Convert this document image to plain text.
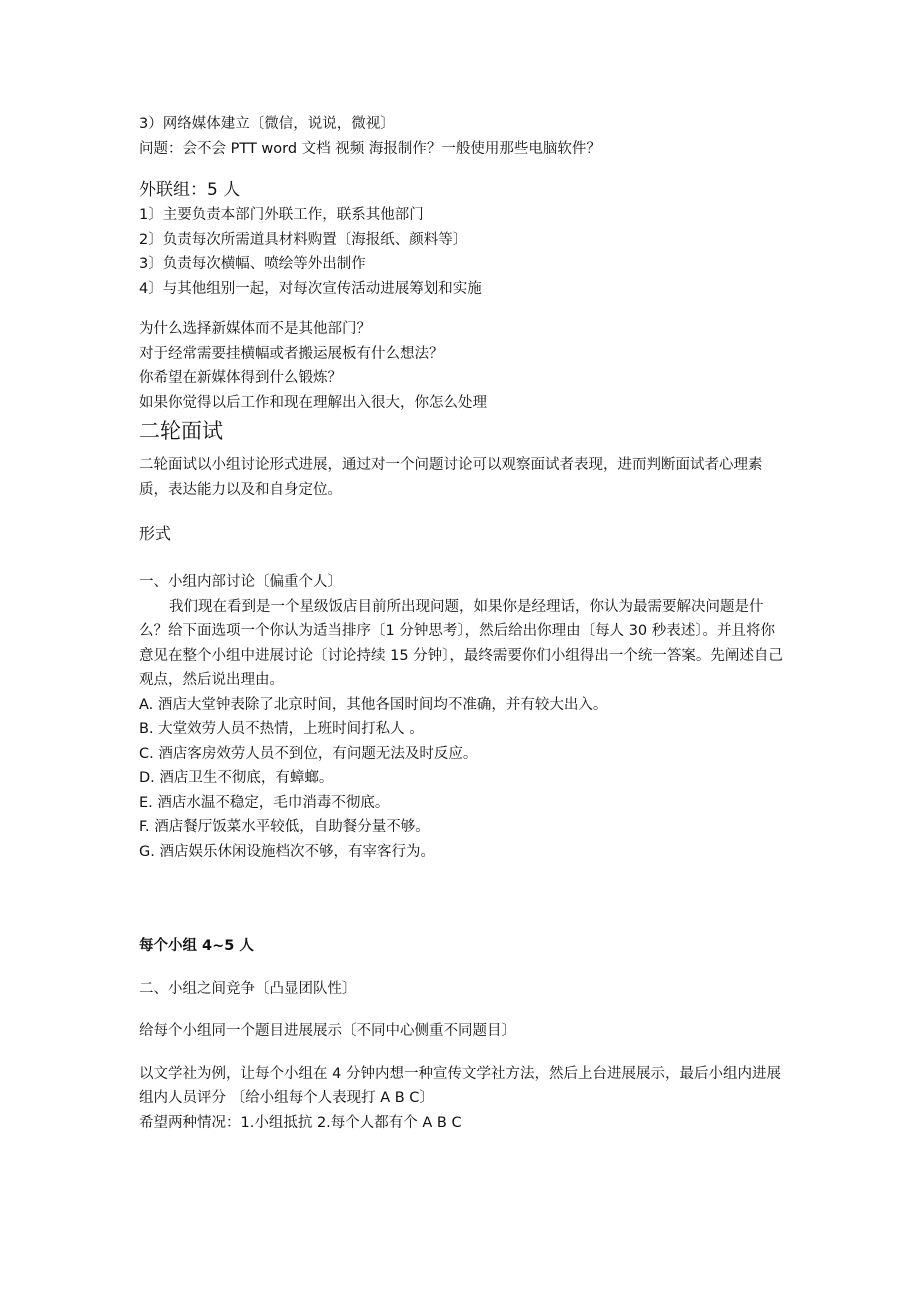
3）网络媒体建立〔微信，说说，微视〕

问题：会不会 PTT word 文档 视频 海报制作？一般使用那些电脑软件？

外联组：5 人

1〕主要负责本部门外联工作，联系其他部门

2〕负责每次所需道具材料购置〔海报纸、颜料等〕

3〕负责每次横幅、喷绘等外出制作

4〕与其他组别一起，对每次宣传活动进展筹划和实施

为什么选择新媒体而不是其他部门？

对于经常需要挂横幅或者搬运展板有什么想法？

你希望在新媒体得到什么锻炼？

如果你觉得以后工作和现在理解出入很大，你怎么处理

二轮面试

二轮面试以小组讨论形式进展，通过对一个问题讨论可以观察面试者表现，进而判断面试者心理素质，表达能力以及和自身定位。

形式

一、小组内部讨论〔偏重个人〕

我们现在看到是一个星级饭店目前所出现问题，如果你是经理话，你认为最需要解决问题是什么？给下面选项一个你认为适当排序〔1 分钟思考〕，然后给出你理由〔每人 30 秒表述〕。并且将你意见在整个小组中进展讨论〔讨论持续 15 分钟〕，最终需要你们小组得出一个统一答案。先阐述自己观点，然后说出理由。

A. 酒店大堂钟表除了北京时间，其他各国时间均不准确，并有较大出入。

B. 大堂效劳人员不热情，上班时间打私人 。

C. 酒店客房效劳人员不到位，有问题无法及时反应。

D. 酒店卫生不彻底，有蟑螂。

E. 酒店水温不稳定，毛巾消毒不彻底。

F. 酒店餐厅饭菜水平较低，自助餐分量不够。

G. 酒店娱乐休闲设施档次不够，有宰客行为。

每个小组 4~5 人

二、小组之间竞争〔凸显团队性〕

给每个小组同一个题目进展展示〔不同中心侧重不同题目〕

以文学社为例，让每个小组在 4 分钟内想一种宣传文学社方法，然后上台进展展示，最后小组内进展组内人员评分 〔给小组每个人表现打 A B C〕

希望两种情况：1.小组抵抗 2.每个人都有个 A B C
